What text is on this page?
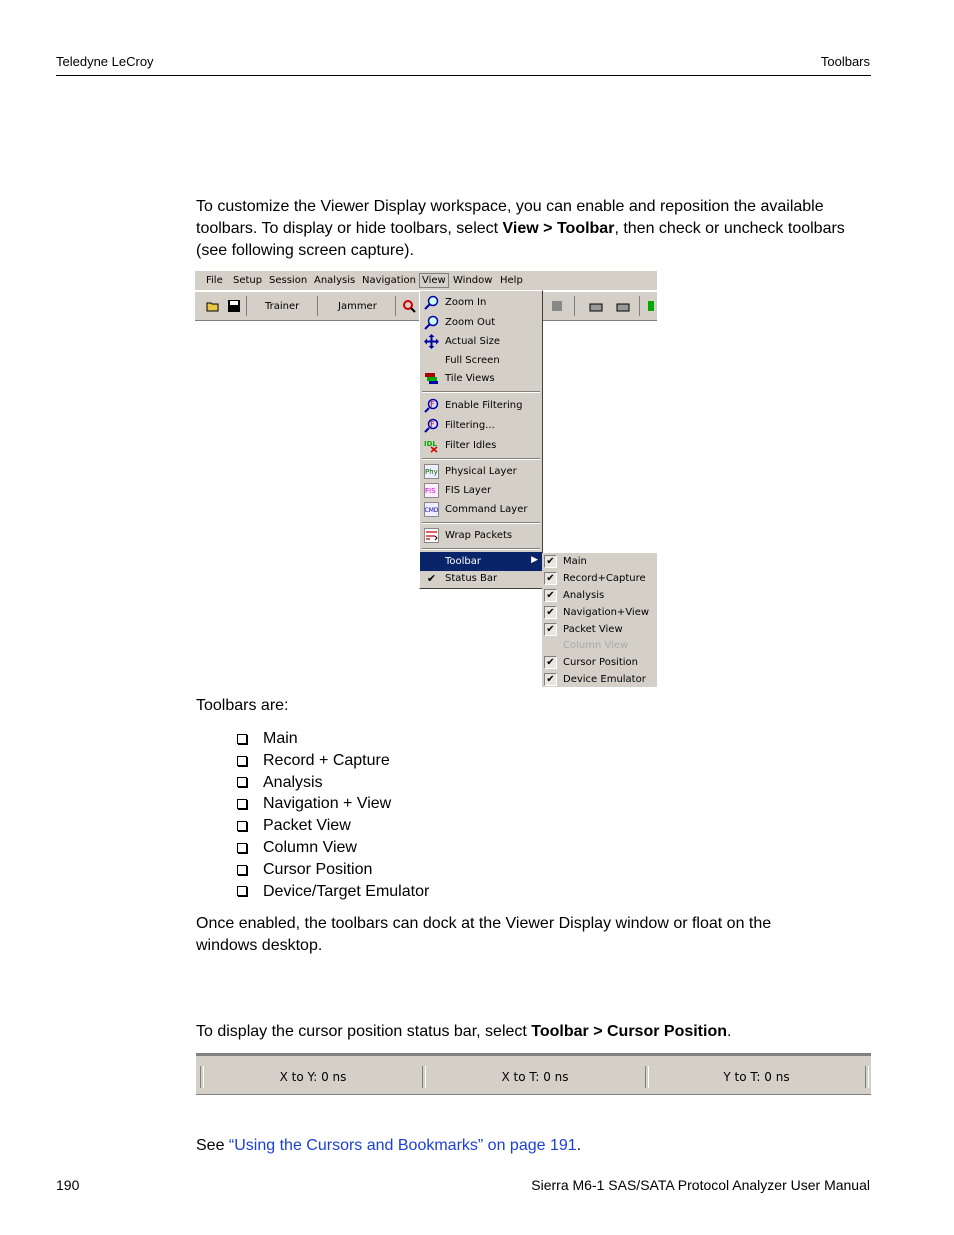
Teledyne LeCroy	Toolbars
To customize the Viewer Display workspace, you can enable and reposition the available toolbars. To display or hide toolbars, select View > Toolbar, then check or uncheck toolbars (see following screen capture).
File Setup Session Analysis Navigation View Window Help
Trainer	Jammer	Zoom In
Zoom Out
Actual Size
Full Screen
Tile Views
F Enable Filtering
F Filtering...
IDL Filter Idles
Phy Physical Layer
FIS FIS Layer
CMD Command Layer
Wrap Packets
Toolbar	▶
✔ Status Bar
✔ Main
✔ Record+Capture
✔ Analysis
✔ Navigation+View
✔ Packet View
Column View
✔ Cursor Position
✔ Device Emulator
Toolbars are:
Main
Record + Capture
Analysis
Navigation + View
Packet View
Column View
Cursor Position
Device/Target Emulator
Once enabled, the toolbars can dock at the Viewer Display window or float on the windows desktop.
To display the cursor position status bar, select Toolbar > Cursor Position.
X to Y: 0 ns	X to T: 0 ns	Y to T: 0 ns
See “Using the Cursors and Bookmarks” on page 191.
190	Sierra M6-1 SAS/SATA Protocol Analyzer User Manual
